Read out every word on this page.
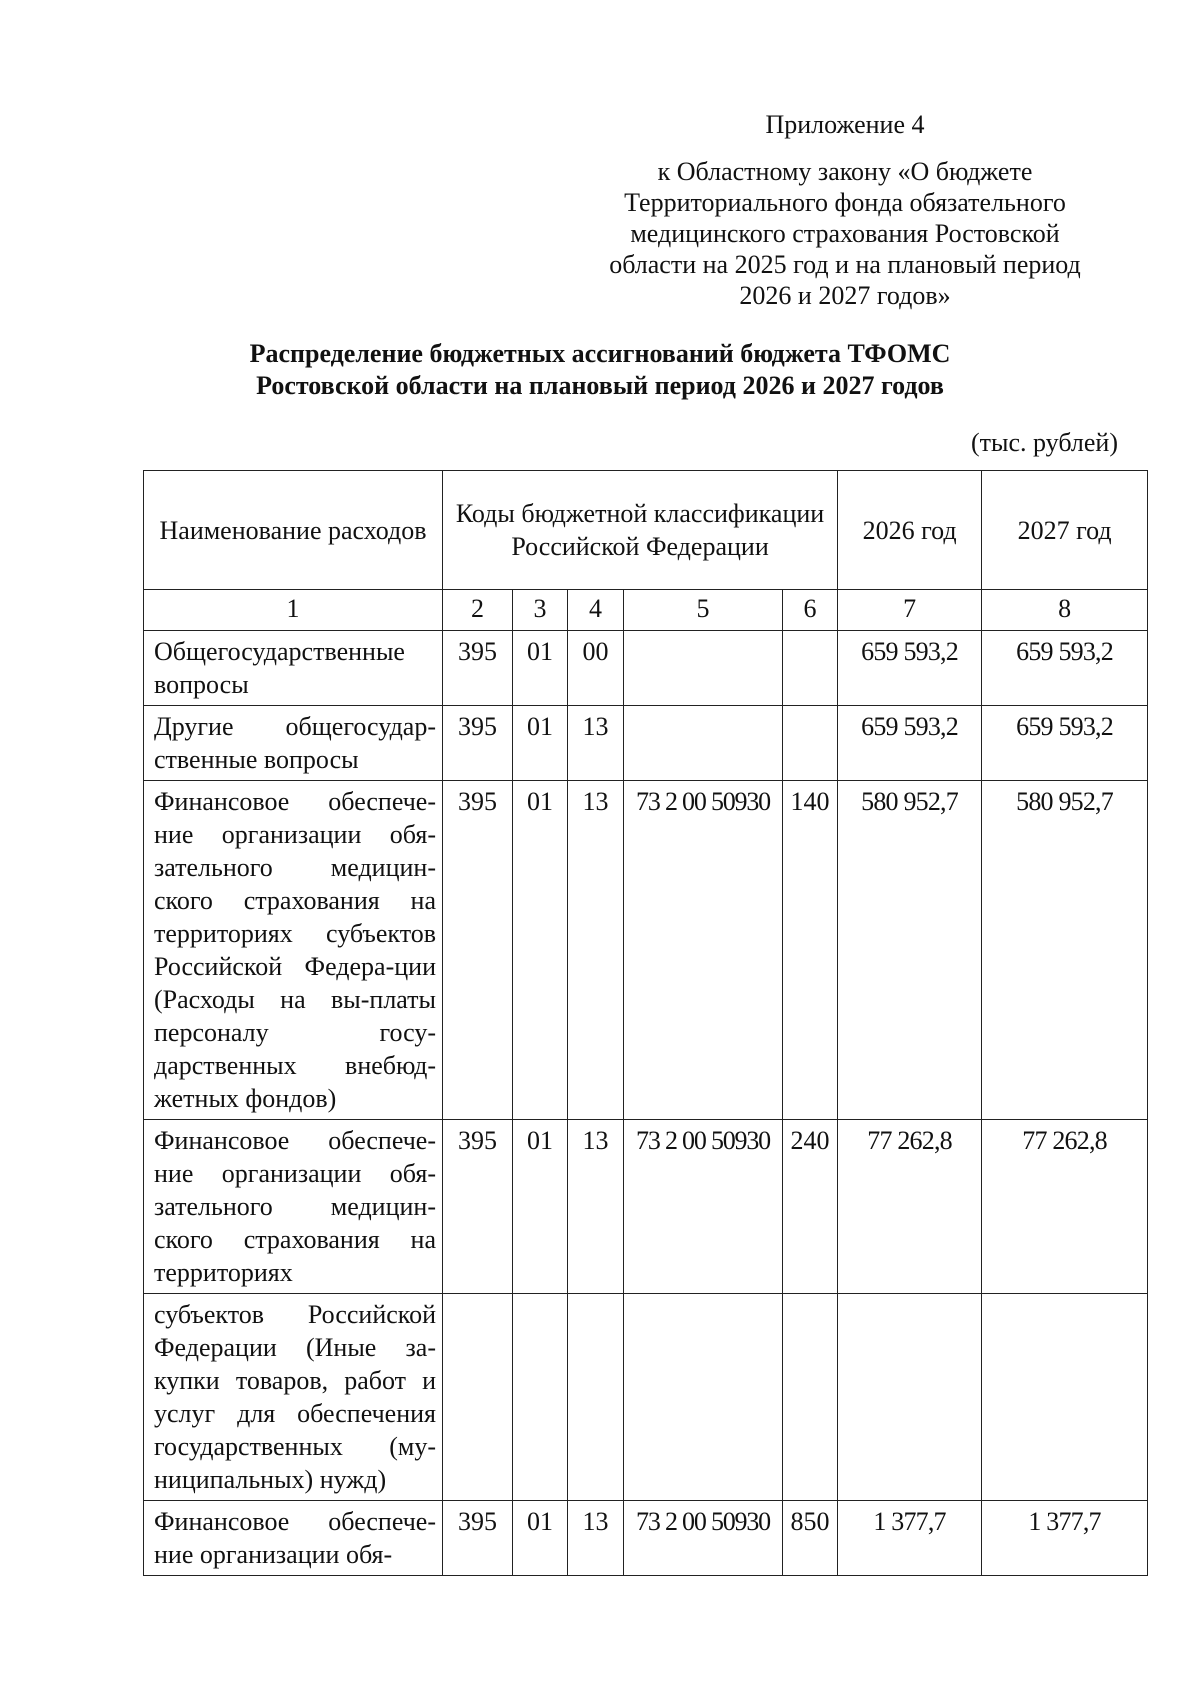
Приложение 4
к Областному закону «О бюджете Территориального фонда обязательного медицинского страхования Ростовской области на 2025 год и на плановый период 2026 и 2027 годов»
Распределение бюджетных ассигнований бюджета ТФОМС
Ростовской области на плановый период 2026 и 2027 годов
(тыс. рублей)
Наименование расходов	Коды бюджетной классификации Российской Федерации					2026 год	2027 год
1	2	3	4	5	6	7	8
Общегосударственные вопросы	395	01	00			659 593,2	659 593,2
Другие общегосудар-ственные вопросы	395	01	13			659 593,2	659 593,2
Финансовое обеспече-ние организации обя-зательного медицин-ского страхования на территориях субъектов Российской Федера-ции (Расходы на вы-платы персоналу госу-дарственных внебюд-жетных фондов)	395	01	13	73 2 00 50930	140	580 952,7	580 952,7
Финансовое обеспече-ние организации обя-зательного медицин-ского страхования на территориях	395	01	13	73 2 00 50930	240	77 262,8	77 262,8
субъектов Российской Федерации (Иные за-купки товаров, работ и услуг для обеспечения государственных (му-ниципальных) нужд)							
Финансовое обеспече-ние организации обя-	395	01	13	73 2 00 50930	850	1 377,7	1 377,7
